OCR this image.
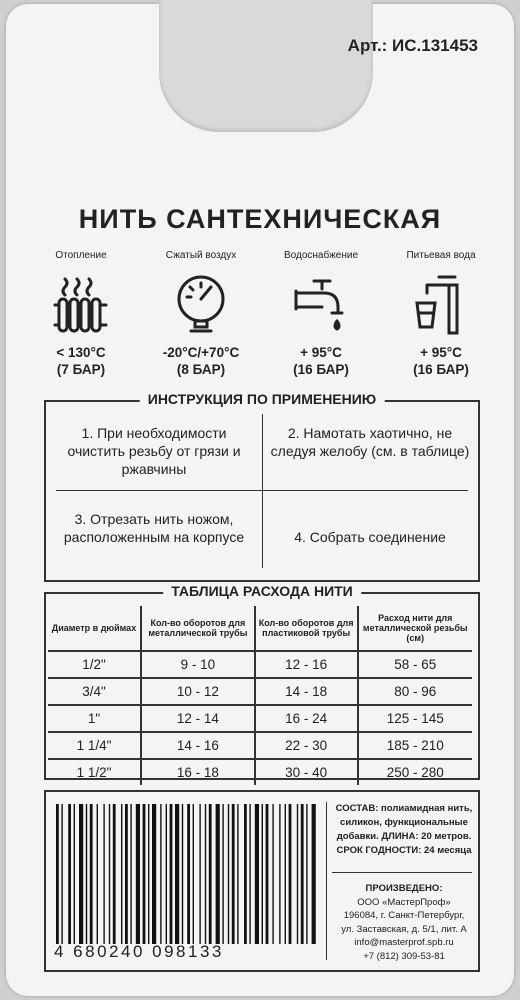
Арт.: ИС.131453
НИТЬ САНТЕХНИЧЕСКАЯ
Отопление
< 130°С
(7 БАР)
Сжатый воздух
-20°С/+70°С
(8 БАР)
Водоснабжение
+ 95°С
(16 БАР)
Питьевая вода
+ 95°С
(16 БАР)
ИНСТРУКЦИЯ ПО ПРИМЕНЕНИЮ
1. При необходимости очистить резьбу от грязи и ржавчины
2. Намотать хаотично, не следуя желобу (см. в таблице)
3. Отрезать нить ножом, расположенным на корпусе	4. Собрать соединение
ТАБЛИЦА РАСХОДА НИТИ
Диаметр в дюймах	Кол-во оборотов для металлической трубы	Кол-во оборотов для пластиковой трубы	Расход нити для металлической резьбы (см)
1/2"	9 - 10	12 - 16	58 - 65
3/4"	10 - 12	14 - 18	80 - 96
1"	12 - 14	16 - 24	125 - 145
1 1/4"	14 - 16	22 - 30	185 - 210
1 1/2"	16 - 18	30 - 40	250 - 280
4 680240 098133
СОСТАВ: полиамидная нить, силикон, функциональные добавки. ДЛИНА: 20 метров. СРОК ГОДНОСТИ: 24 месяца
ПРОИЗВЕДЕНО:
ООО «МастерПроф»
196084, г. Санкт-Петербург,
ул. Заставская, д. 5/1, лит. А
info@masterprof.spb.ru
+7 (812) 309-53-81
